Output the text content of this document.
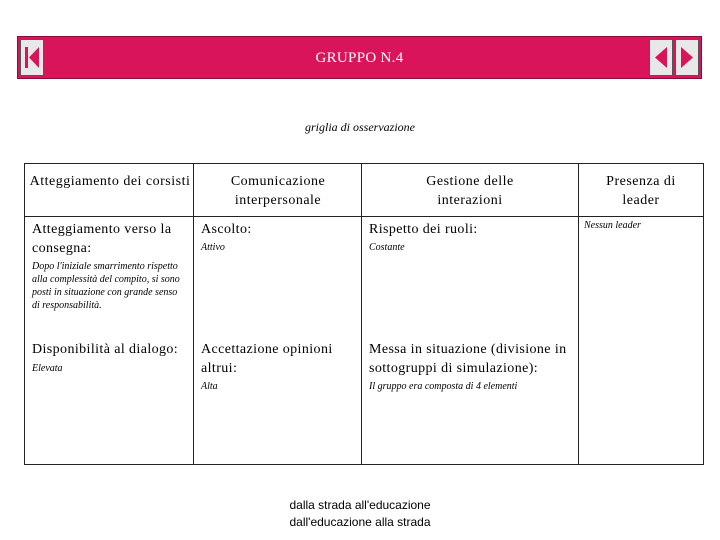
GRUPPO N.4
griglia di osservazione
Atteggiamento dei corsisti	Comunicazione interpersonale
Gestione delle interazioni
Presenza di leader
Atteggiamento verso la consegna:
Dopo l'iniziale smarrimento rispetto alla complessità del compito, si sono posti in situazione con grande senso di responsabilità.
Ascolto:
Attivo
Rispetto dei ruoli:
Costante
Nessun leader
Disponibilità al dialogo:
Elevata
Accettazione opinioni altrui:
Alta
Messa in situazione (divisione in sottogruppi di simulazione):
Il gruppo era composta di 4 elementi
dalla strada all'educazione
dall'educazione alla strada
